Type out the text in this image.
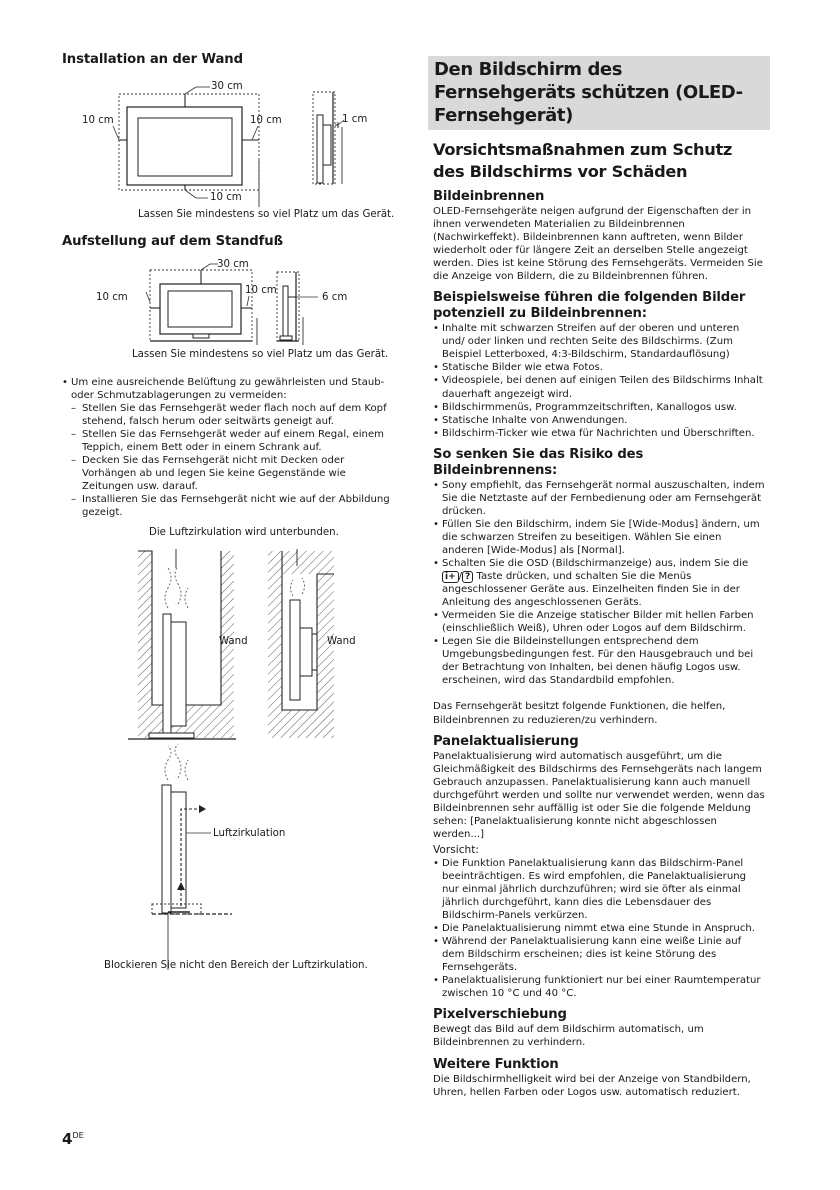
Installation an der Wand
30 cm
10 cm	10 cm
10 cm
1 cm
Lassen Sie mindestens so viel Platz um das Gerät.
Aufstellung auf dem Standfuß
30 cm
10 cm
10 cm
6 cm
Lassen Sie mindestens so viel Platz um das Gerät.
• Um eine ausreichende Belüftung zu gewährleisten und Staub- oder Schmutzablagerungen zu vermeiden:
– Stellen Sie das Fernsehgerät weder flach noch auf dem Kopf stehend, falsch herum oder seitwärts geneigt auf.
– Stellen Sie das Fernsehgerät weder auf einem Regal, einem Teppich, einem Bett oder in einem Schrank auf.
– Decken Sie das Fernsehgerät nicht mit Decken oder Vorhängen ab und legen Sie keine Gegenstände wie Zeitungen usw. darauf.
– Installieren Sie das Fernsehgerät nicht wie auf der Abbildung gezeigt.
Die Luftzirkulation wird unterbunden.
Wand	Wand
Luftzirkulation
Blockieren Sie nicht den Bereich der Luftzirkulation.
4DE
Den Bildschirm des Fernsehgeräts schützen (OLED-Fernsehgerät)
Vorsichtsmaßnahmen zum Schutz des Bildschirms vor Schäden
Bildeinbrennen

OLED-Fernsehgeräte neigen aufgrund der Eigenschaften der in ihnen verwendeten Materialien zu Bildeinbrennen (Nachwirkeffekt). Bildeinbrennen kann auftreten, wenn Bilder wiederholt oder für längere Zeit an derselben Stelle angezeigt werden. Dies ist keine Störung des Fernsehgeräts. Vermeiden Sie die Anzeige von Bildern, die zu Bildeinbrennen führen.

Beispielsweise führen die folgenden Bilder potenziell zu Bildeinbrennen:
• Inhalte mit schwarzen Streifen auf der oberen und unteren und/ oder linken und rechten Seite des Bildschirms. (Zum Beispiel Letterboxed, 4:3-Bildschirm, Standardauflösung)
• Statische Bilder wie etwa Fotos.
• Videospiele, bei denen auf einigen Teilen des Bildschirms Inhalt dauerhaft angezeigt wird.
• Bildschirmmenüs, Programmzeitschriften, Kanallogos usw.
• Statische Inhalte von Anwendungen.
• Bildschirm-Ticker wie etwa für Nachrichten und Überschriften.
So senken Sie das Risiko des Bildeinbrennens:
• Sony empfiehlt, das Fernsehgerät normal auszuschalten, indem Sie die Netztaste auf der Fernbedienung oder am Fernsehgerät drücken.
• Füllen Sie den Bildschirm, indem Sie [Wide-Modus] ändern, um die schwarzen Streifen zu beseitigen. Wählen Sie einen anderen [Wide-Modus] als [Normal].
• Schalten Sie die OSD (Bildschirmanzeige) aus, indem Sie die
i+ / ? Taste drücken, und schalten Sie die Menüs angeschlossener Geräte aus. Einzelheiten finden Sie in der Anleitung des angeschlossenen Geräts.
• Vermeiden Sie die Anzeige statischer Bilder mit hellen Farben (einschließlich Weiß), Uhren oder Logos auf dem Bildschirm.
• Legen Sie die Bildeinstellungen entsprechend dem Umgebungsbedingungen fest. Für den Hausgebrauch und bei der Betrachtung von Inhalten, bei denen häufig Logos usw. erscheinen, wird das Standardbild empfohlen.

Das Fernsehgerät besitzt folgende Funktionen, die helfen, Bildeinbrennen zu reduzieren/zu verhindern.

Panelaktualisierung

Panelaktualisierung wird automatisch ausgeführt, um die Gleichmäßigkeit des Bildschirms des Fernsehgeräts nach langem Gebrauch anzupassen. Panelaktualisierung kann auch manuell durchgeführt werden und sollte nur verwendet werden, wenn das Bildeinbrennen sehr auffällig ist oder Sie die folgende Meldung sehen: [Panelaktualisierung konnte nicht abgeschlossen werden...]

Vorsicht:

• Die Funktion Panelaktualisierung kann das Bildschirm-Panel beeinträchtigen. Es wird empfohlen, die Panelaktualisierung nur einmal jährlich durchzuführen; wird sie öfter als einmal jährlich durchgeführt, kann dies die Lebensdauer des Bildschirm-Panels verkürzen.
• Die Panelaktualisierung nimmt etwa eine Stunde in Anspruch.
• Während der Panelaktualisierung kann eine weiße Linie auf dem Bildschirm erscheinen; dies ist keine Störung des Fernsehgeräts.
• Panelaktualisierung funktioniert nur bei einer Raumtemperatur zwischen 10 °C und 40 °C.
Pixelverschiebung

Bewegt das Bild auf dem Bildschirm automatisch, um Bildeinbrennen zu verhindern.

Weitere Funktion

Die Bildschirmhelligkeit wird bei der Anzeige von Standbildern, Uhren, hellen Farben oder Logos usw. automatisch reduziert.
